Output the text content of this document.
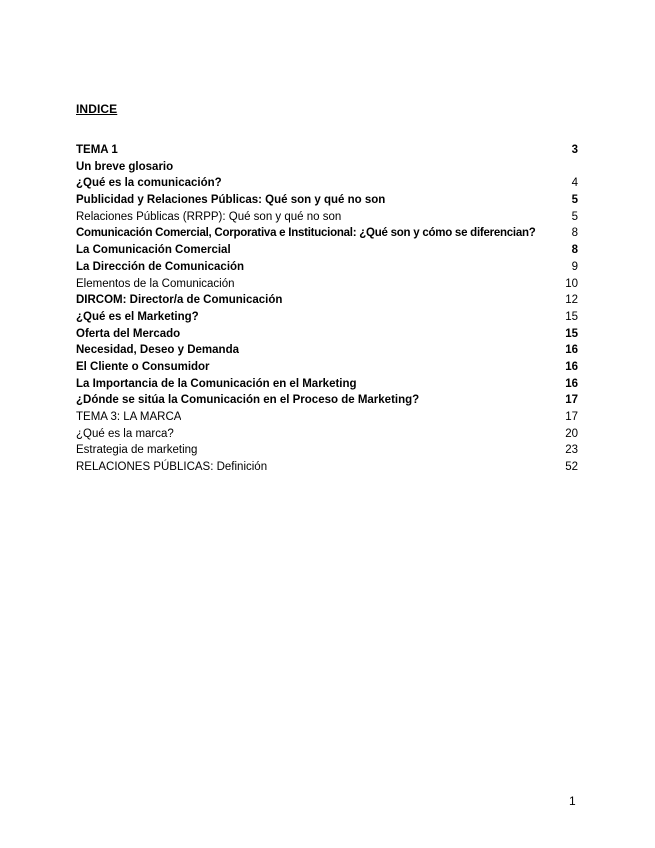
INDICE
TEMA 1	3
Un breve glosario
¿Qué es la comunicación?	4
Publicidad y Relaciones Públicas: Qué son y qué no son	5
Relaciones Públicas (RRPP): Qué son y qué no son	5
Comunicación Comercial, Corporativa e Institucional: ¿Qué son y cómo se diferencian?	8
La Comunicación Comercial	8
La Dirección de Comunicación	9
Elementos de la Comunicación	10
DIRCOM: Director/a de Comunicación	12
¿Qué es el Marketing?	15
Oferta del Mercado	15
Necesidad, Deseo y Demanda	16
El Cliente o Consumidor	16
La Importancia de la Comunicación en el Marketing	16
¿Dónde se sitúa la Comunicación en el Proceso de Marketing?	17
TEMA 3: LA MARCA	17
¿Qué es la marca?	20
Estrategia de marketing	23
RELACIONES PÚBLICAS: Definición	52
1
